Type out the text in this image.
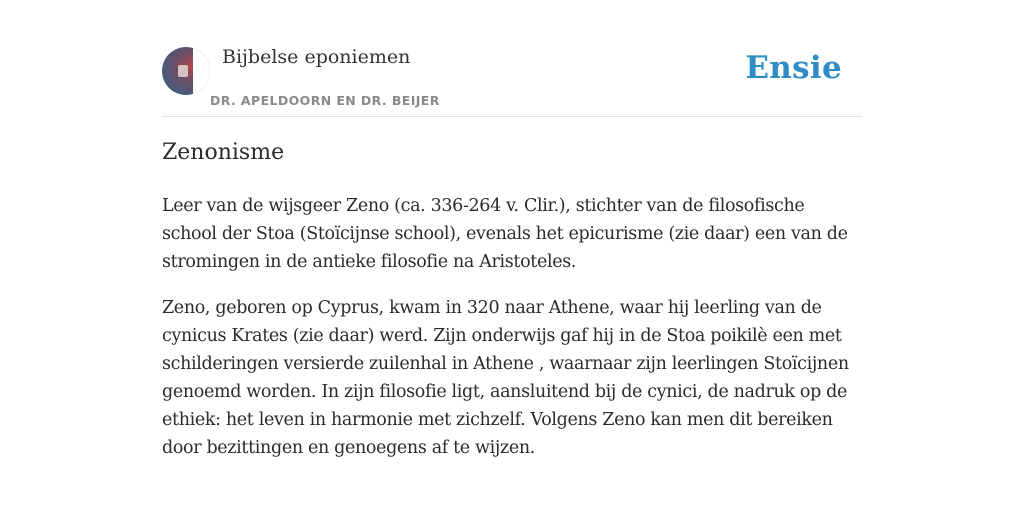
Bijbelse eponiemen
DR. APELDOORN EN DR. BEIJER
Ensie
Zenonisme

Leer van de wijsgeer Zeno (ca. 336-264 v. Clir.), stichter van de filosofische school der Stoa (Stoïcijnse school), evenals het epicurisme (zie daar) een van de stromingen in de antieke filosofie na Aristoteles.

Zeno, geboren op Cyprus, kwam in 320 naar Athene, waar hij leerling van de cynicus Krates (zie daar) werd. Zijn onderwijs gaf hij in de Stoa poikilè een met schilderingen versierde zuilenhal in Athene , waarnaar zijn leerlingen Stoïcijnen genoemd worden. In zijn filosofie ligt, aansluitend bij de cynici, de nadruk op de ethiek: het leven in harmonie met zichzelf. Volgens Zeno kan men dit bereiken door bezittingen en genoegens af te wijzen.
